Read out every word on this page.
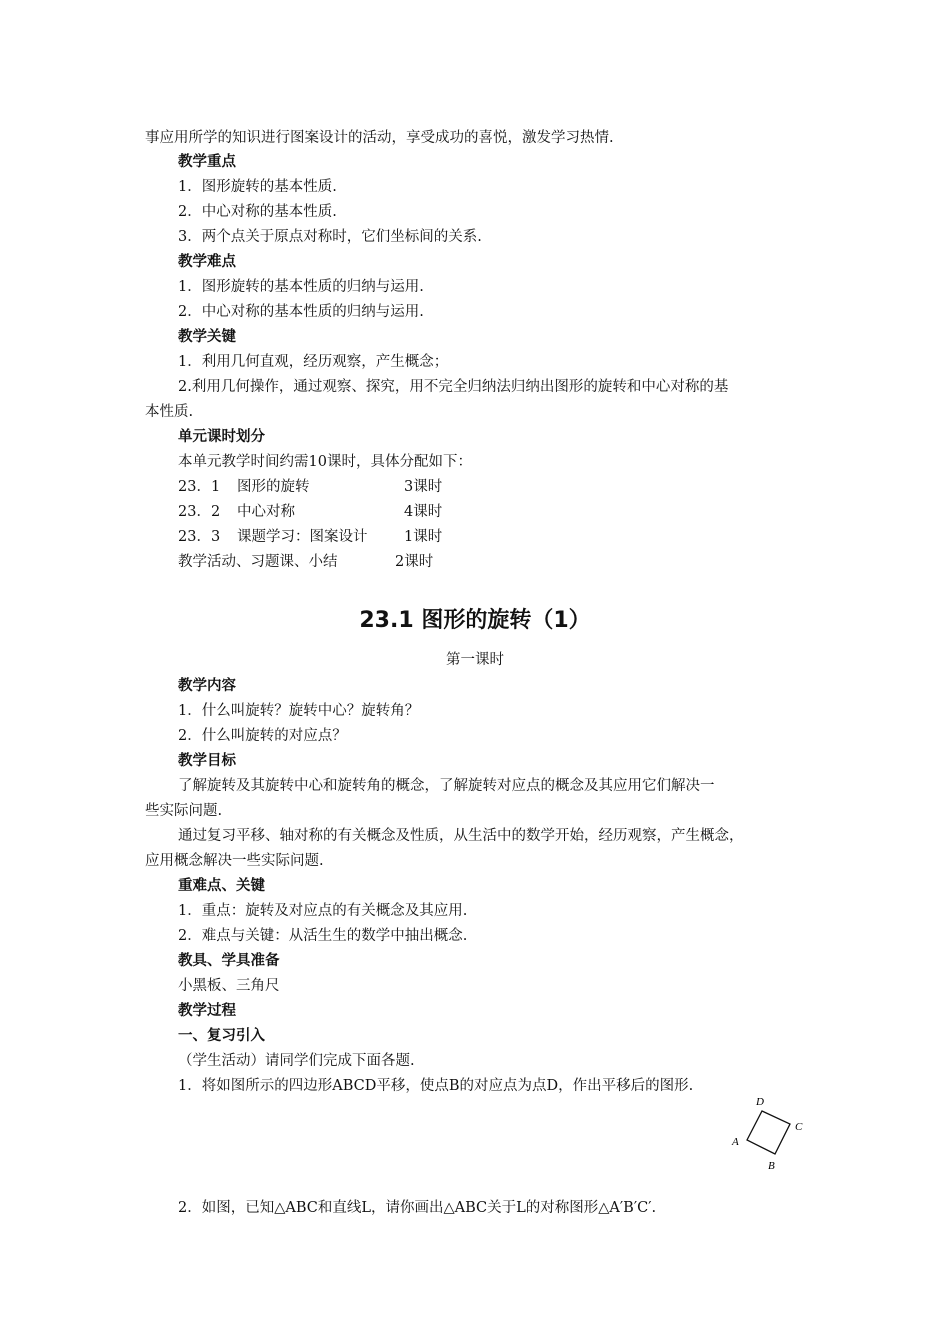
事应用所学的知识进行图案设计的活动，享受成功的喜悦，激发学习热情.
教学重点
1．图形旋转的基本性质.
2．中心对称的基本性质.
3．两个点关于原点对称时，它们坐标间的关系.
教学难点
1．图形旋转的基本性质的归纳与运用.
2．中心对称的基本性质的归纳与运用.
教学关键
1．利用几何直观，经历观察，产生概念；
2.利用几何操作，通过观察、探究，用不完全归纳法归纳出图形的旋转和中心对称的基
本性质.
单元课时划分
本单元教学时间约需10课时，具体分配如下：
23．1 图形的旋转	3课时
23．2 中心对称	4课时
23．3 课题学习：图案设计	1课时
教学活动、习题课、小结	2课时
23.1 图形的旋转（1）
第一课时
教学内容
1．什么叫旋转？旋转中心？旋转角？
2．什么叫旋转的对应点？
教学目标
了解旋转及其旋转中心和旋转角的概念，了解旋转对应点的概念及其应用它们解决一
些实际问题.
通过复习平移、轴对称的有关概念及性质，从生活中的数学开始，经历观察，产生概念，
应用概念解决一些实际问题.
重难点、关键
1．重点：旋转及对应点的有关概念及其应用.
2．难点与关键：从活生生的数学中抽出概念.
教具、学具准备
小黑板、三角尺
教学过程
一、复习引入
（学生活动）请同学们完成下面各题.
1．将如图所示的四边形ABCD平移，使点B的对应点为点D，作出平移后的图形.
A
D
C
B
2．如图，已知△ABC和直线L，请你画出△ABC关于L的对称图形△A′B′C′.
